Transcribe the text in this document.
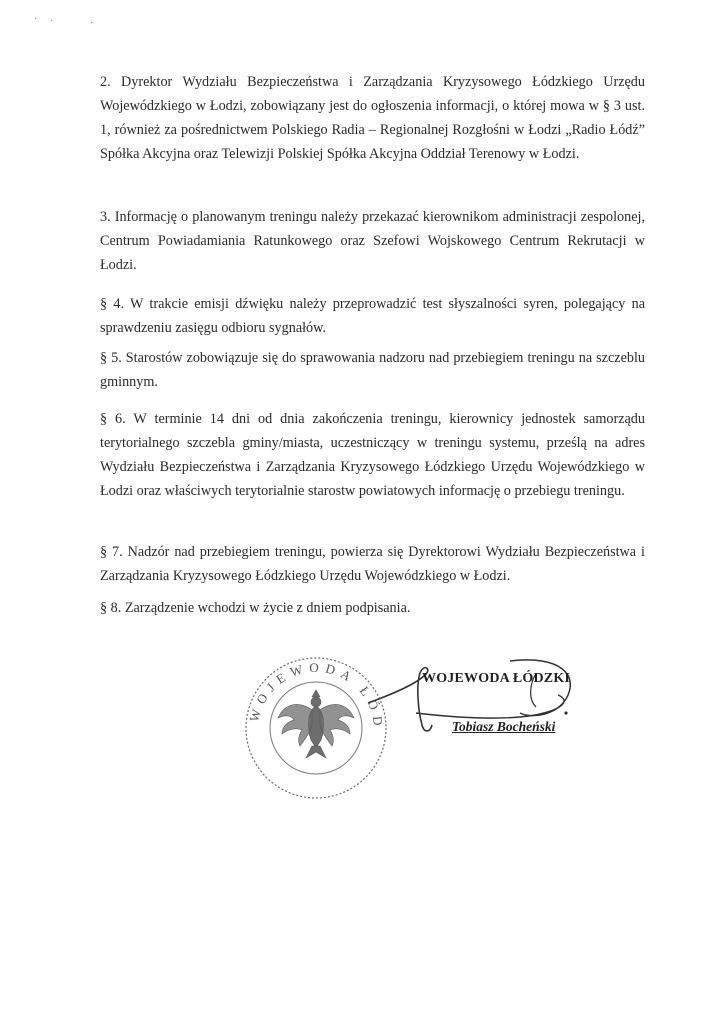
· ·	·

2. Dyrektor Wydziału Bezpieczeństwa i Zarządzania Kryzysowego Łódzkiego Urzędu Wojewódzkiego w Łodzi, zobowiązany jest do ogłoszenia informacji, o której mowa w § 3 ust. 1, również za pośrednictwem Polskiego Radia – Regionalnej Rozgłośni w Łodzi „Radio Łódź” Spółka Akcyjna oraz Telewizji Polskiej Spółka Akcyjna Oddział Terenowy w Łodzi.

3. Informację o planowanym treningu należy przekazać kierownikom administracji zespolonej, Centrum Powiadamiania Ratunkowego oraz Szefowi Wojskowego Centrum Rekrutacji w Łodzi.

§ 4. W trakcie emisji dźwięku należy przeprowadzić test słyszalności syren, polegający na sprawdzeniu zasięgu odbioru sygnałów.

§ 5. Starostów zobowiązuje się do sprawowania nadzoru nad przebiegiem treningu na szczeblu gminnym.

§ 6. W terminie 14 dni od dnia zakończenia treningu, kierownicy jednostek samorządu terytorialnego szczebla gminy/miasta, uczestniczący w treningu systemu, prześlą na adres Wydziału Bezpieczeństwa i Zarządzania Kryzysowego Łódzkiego Urzędu Wojewódzkiego w Łodzi oraz właściwych terytorialnie starostw powiatowych informację o przebiegu treningu.

§ 7. Nadzór nad przebiegiem treningu, powierza się Dyrektorowi Wydziału Bezpieczeństwa i Zarządzania Kryzysowego Łódzkiego Urzędu Wojewódzkiego w Łodzi.

§ 8. Zarządzenie wchodzi w życie z dniem podpisania.

WOJEWODA ŁÓD
WOJEWODA ŁÓDZKI
Tobiasz Bocheński
